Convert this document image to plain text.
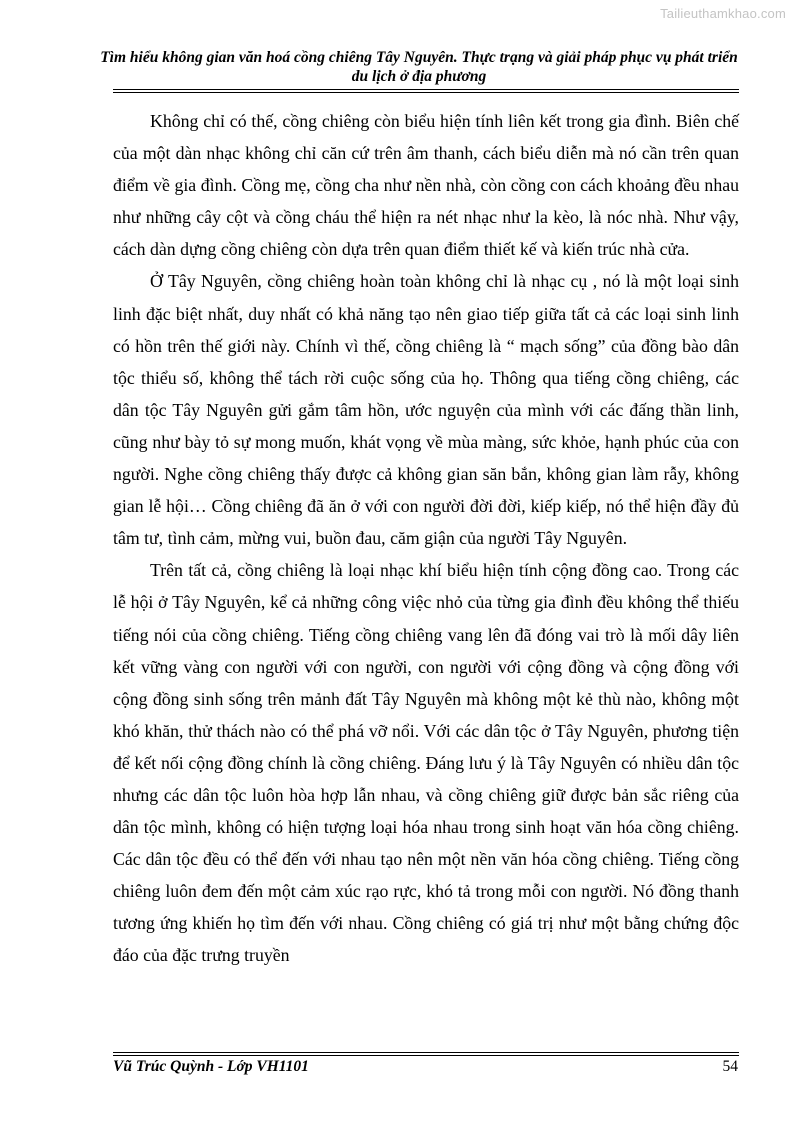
Tailieuthamkhao.com
Tìm hiểu không gian văn hoá cồng chiêng Tây Nguyên. Thực trạng và giải pháp phục vụ phát triển du lịch ở địa phương

Không chỉ có thế, cồng chiêng còn biểu hiện tính liên kết trong gia đình. Biên chế của một dàn nhạc không chỉ căn cứ trên âm thanh, cách biểu diễn mà nó cần trên quan điểm về gia đình. Cồng mẹ, cồng cha như nền nhà, còn cồng con cách khoảng đều nhau như những cây cột và cồng cháu thể hiện ra nét nhạc như la kèo, là nóc nhà. Như vậy, cách dàn dựng cồng chiêng còn dựa trên quan điểm thiết kế và kiến trúc nhà cửa.

Ở Tây Nguyên, cồng chiêng hoàn toàn không chỉ là nhạc cụ , nó là một loại sinh linh đặc biệt nhất, duy nhất có khả năng tạo nên giao tiếp giữa tất cả các loại sinh linh có hồn trên thế giới này. Chính vì thế, cồng chiêng là “ mạch sống” của đồng bào dân tộc thiểu số, không thể tách rời cuộc sống của họ. Thông qua tiếng cồng chiêng, các dân tộc Tây Nguyên gửi gắm tâm hồn, ước nguyện của mình với các đấng thần linh, cũng như bày tỏ sự mong muốn, khát vọng về mùa màng, sức khỏe, hạnh phúc của con người. Nghe cồng chiêng thấy được cả không gian săn bắn, không gian làm rẫy, không gian lễ hội… Cồng chiêng đã ăn ở với con người đời đời, kiếp kiếp, nó thể hiện đầy đủ tâm tư, tình cảm, mừng vui, buồn đau, căm giận của người Tây Nguyên.

Trên tất cả, cồng chiêng là loại nhạc khí biểu hiện tính cộng đồng cao. Trong các lễ hội ở Tây Nguyên, kể cả những công việc nhỏ của từng gia đình đều không thể thiếu tiếng nói của cồng chiêng. Tiếng cồng chiêng vang lên đã đóng vai trò là mối dây liên kết vững vàng con người với con người, con người với cộng đồng và cộng đồng với cộng đồng sinh sống trên mảnh đất Tây Nguyên mà không một kẻ thù nào, không một khó khăn, thử thách nào có thể phá vỡ nổi. Với các dân tộc ở Tây Nguyên, phương tiện để kết nối cộng đồng chính là cồng chiêng. Đáng lưu ý là Tây Nguyên có nhiều dân tộc nhưng các dân tộc luôn hòa hợp lẫn nhau, và cồng chiêng giữ được bản sắc riêng của dân tộc mình, không có hiện tượng loại hóa nhau trong sinh hoạt văn hóa cồng chiêng. Các dân tộc đều có thể đến với nhau tạo nên một nền văn hóa cồng chiêng. Tiếng cồng chiêng luôn đem đến một cảm xúc rạo rực, khó tả trong mỗi con người. Nó đồng thanh tương ứng khiến họ tìm đến với nhau. Cồng chiêng có giá trị như một bằng chứng độc đáo của đặc trưng truyền

Vũ Trúc Quỳnh - Lớp VH1101	54
